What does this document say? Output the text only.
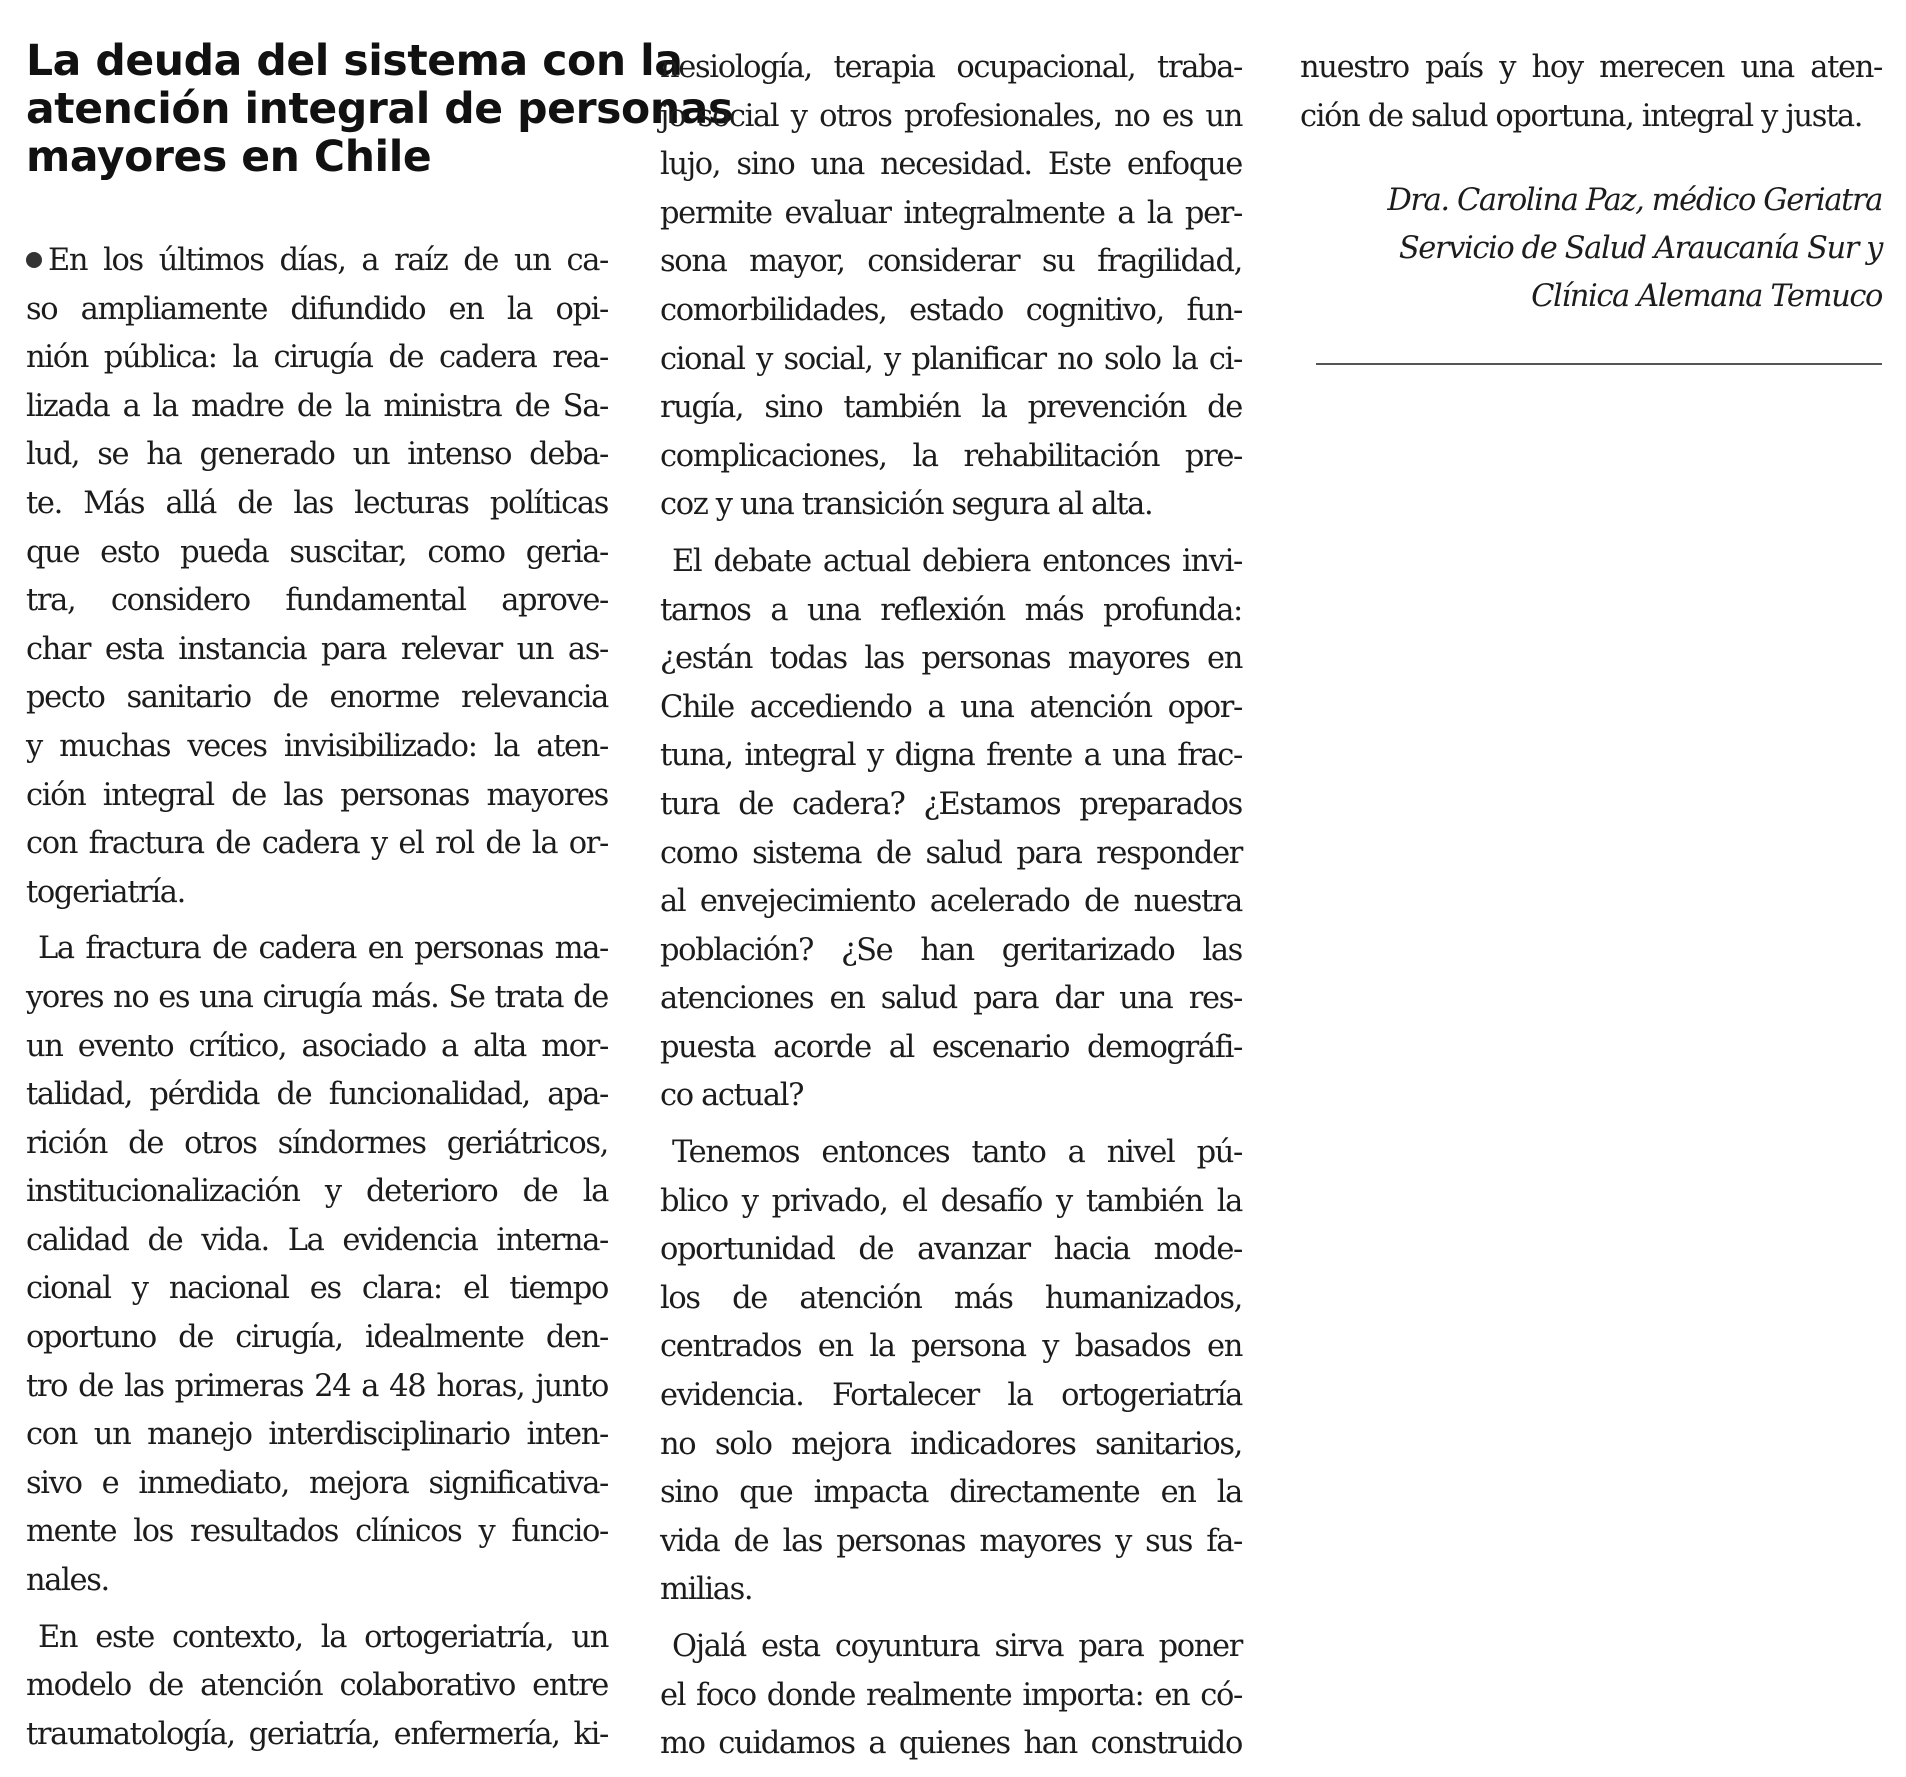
La deuda del sistema con la
atención integral de personas
mayores en Chile
En los últimos días, a raíz de un ca-
so ampliamente difundido en la opi-
nión pública: la cirugía de cadera rea-
lizada a la madre de la ministra de Sa-
lud, se ha generado un intenso deba-
te. Más allá de las lecturas políticas
que esto pueda suscitar, como geria-
tra, considero fundamental aprove-
char esta instancia para relevar un as-
pecto sanitario de enorme relevancia
y muchas veces invisibilizado: la aten-
ción integral de las personas mayores
con fractura de cadera y el rol de la or-
togeriatría.
La fractura de cadera en personas ma-
yores no es una cirugía más. Se trata de
un evento crítico, asociado a alta mor-
talidad, pérdida de funcionalidad, apa-
rición de otros síndormes geriátricos,
institucionalización y deterioro de la
calidad de vida. La evidencia interna-
cional y nacional es clara: el tiempo
oportuno de cirugía, idealmente den-
tro de las primeras 24 a 48 horas, junto
con un manejo interdisciplinario inten-
sivo e inmediato, mejora significativa-
mente los resultados clínicos y funcio-
nales.
En este contexto, la ortogeriatría, un
modelo de atención colaborativo entre
traumatología, geriatría, enfermería, ki-
nesiología, terapia ocupacional, traba-
jo social y otros profesionales, no es un
lujo, sino una necesidad. Este enfoque
permite evaluar integralmente a la per-
sona mayor, considerar su fragilidad,
comorbilidades, estado cognitivo, fun-
cional y social, y planificar no solo la ci-
rugía, sino también la prevención de
complicaciones, la rehabilitación pre-
coz y una transición segura al alta.
El debate actual debiera entonces invi-
tarnos a una reflexión más profunda:
¿están todas las personas mayores en
Chile accediendo a una atención opor-
tuna, integral y digna frente a una frac-
tura de cadera? ¿Estamos preparados
como sistema de salud para responder
al envejecimiento acelerado de nuestra
población? ¿Se han geritarizado las
atenciones en salud para dar una res-
puesta acorde al escenario demográfi-
co actual?
Tenemos entonces tanto a nivel pú-
blico y privado, el desafío y también la
oportunidad de avanzar hacia mode-
los de atención más humanizados,
centrados en la persona y basados en
evidencia. Fortalecer la ortogeriatría
no solo mejora indicadores sanitarios,
sino que impacta directamente en la
vida de las personas mayores y sus fa-
milias.
Ojalá esta coyuntura sirva para poner
el foco donde realmente importa: en có-
mo cuidamos a quienes han construido
nuestro país y hoy merecen una aten-
ción de salud oportuna, integral y justa.
Dra. Carolina Paz, médico Geriatra
Servicio de Salud Araucanía Sur y
Clínica Alemana Temuco
